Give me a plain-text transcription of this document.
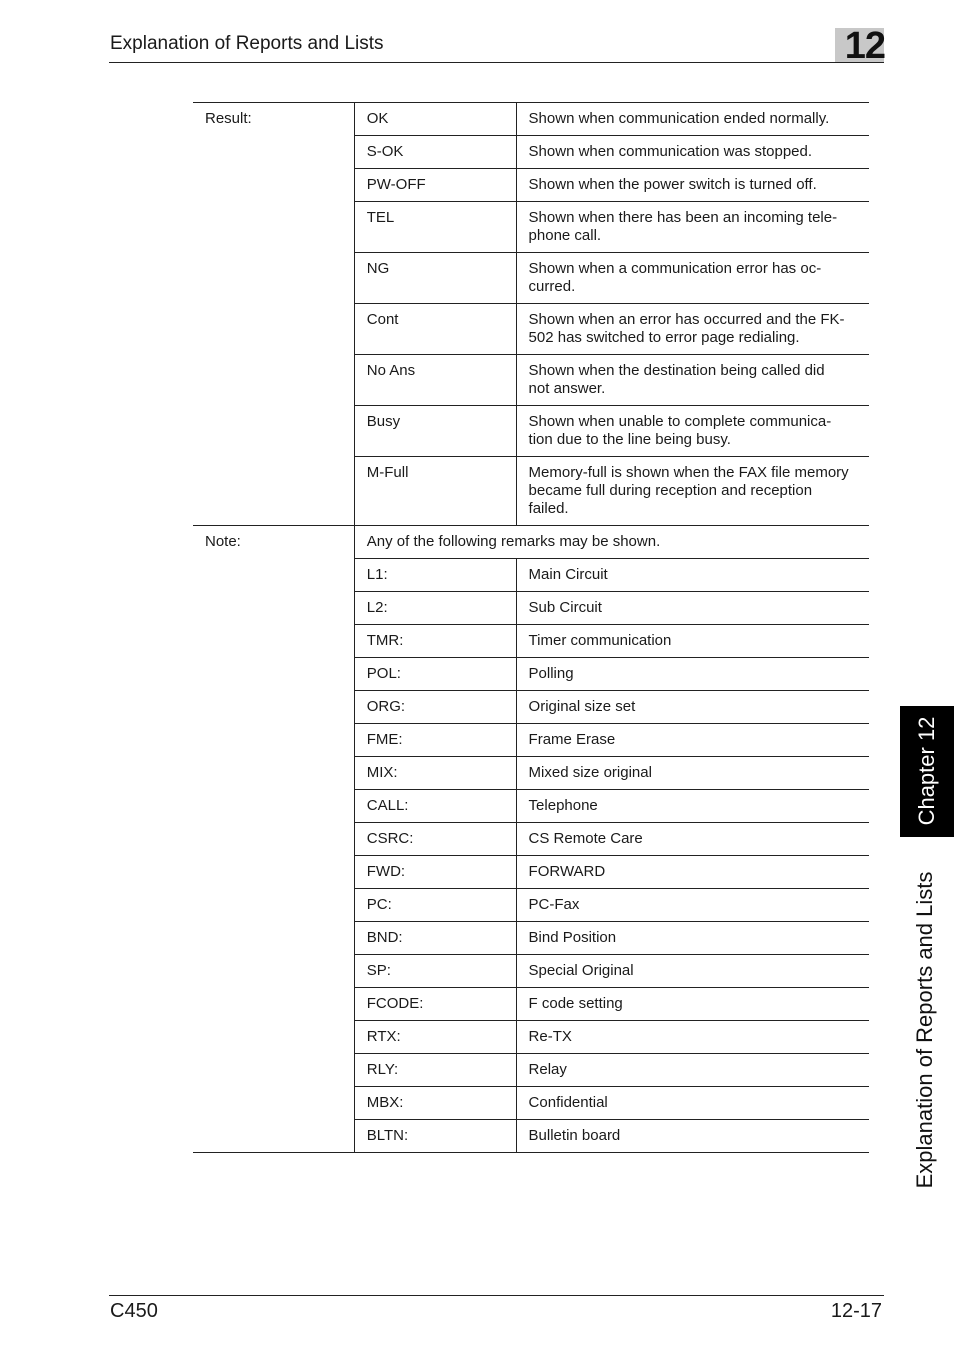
Explanation of Reports and Lists	12
Result:	OK	Shown when communication ended normally.
	S-OK	Shown when communication was stopped.
	PW-OFF	Shown when the power switch is turned off.
	TEL	Shown when there has been an incoming tele-
phone call.
	NG	Shown when a communication error has oc-
curred.
	Cont	Shown when an error has occurred and the FK-
502 has switched to error page redialing.
	No Ans	Shown when the destination being called did
not answer.
	Busy	Shown when unable to complete communica-
tion due to the line being busy.
	M-Full	Memory-full is shown when the FAX file memory
became full during reception and reception
failed.
Note:	Any of the following remarks may be shown.	
	L1:	Main Circuit
	L2:	Sub Circuit
	TMR:	Timer communication
	POL:	Polling
	ORG:	Original size set
	FME:	Frame Erase
	MIX:	Mixed size original
	CALL:	Telephone
	CSRC:	CS Remote Care
	FWD:	FORWARD
	PC:	PC-Fax
	BND:	Bind Position
	SP:	Special Original
	FCODE:	F code setting
	RTX:	Re-TX
	RLY:	Relay
	MBX:	Confidential
	BLTN:	Bulletin board
Chapter 12
Explanation of Reports and Lists
C450	12-17
